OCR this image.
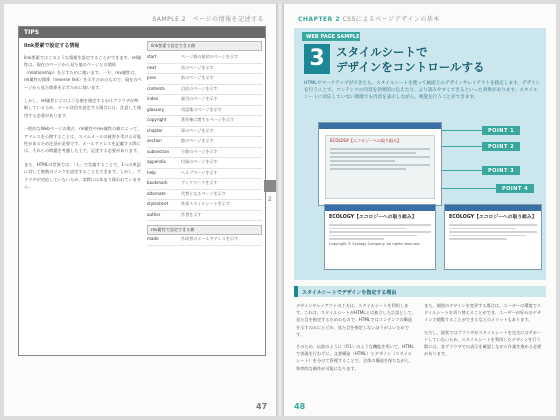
SAMPLE 2　ページの情報を記述する
TIPS
link要素で設定する情報

link要素ではこのような情報を設定することができます。rel属性は、現在のページから見た他のページとの関係（relationship）を示すために使います。一方、rev属性は、rel属性の関係（reverse link）を示すためのもので、現在のページから見た関係を示すために使います。

しかし、rel属性にどのような値を指定するかはブラウザが判断しているため、メール送信を設定する場合には、注意して使用する必要があります。

一般的なWebページの場合、rel属性やrev属性の値によって、アドレスを公開することは、スパムメールの被害を受ける可能性があるため注意が必要です。メールアドレスを記載する際には、それらの問題を考慮した上で、記述する必要があります。

また、HTMLの世界では、「人」で定義することで、1つの単語に対して複数のリンクを設定することもできます。しかし、ブラウザが対応していないため、実際にはあまり使われていません。

link要素で設定できる値
start	ページ群の最初のページを示す
next	次のページを示す
prev	前のページを示す
contents	目次のページを示す
index	索引のページを示す
glossary	用語集のページを示す
copyright	著作権に関するページを示す
chapter	章のページを示す
section	節のページを示す
subsection	小節のページを示す
appendix	付録のページを示す
help	ヘルプページを示す
bookmark	ブックマークを示す
alternate	代替となるページを示す
stylesheet	外部スタイルシートを示す
author	作者を示す
rev属性で設定できる値
made	作成者のメールアドレスを示す
47
2
CHAPTER 2 CSSによるページデザインの基本
WEB PAGE SAMPLE
3 スタイルシートで
デザインをコントロールする
HTMLでマークアップができたら、スタイルシートを使って画面上のデザインやレイアウトを指定します。デザインを行うことで、コンテンツの内容を効果的に伝えたり、より読みやすくできるといった効果があります。スタイルシートに対応していない環境でも内容を表示しながら、視覚を行うことができます。
ECOLOGY【エコロジーへの取り組み】
POINT 1
POINT 2
POINT 3
POINT 4
ECOLOGY【エコロジーへの取り組み】
Copyright © Ecology Company. All rights reserved.
ECOLOGY【エコロジーへの取り組み】
スタイルシートでデザインを指定する理由

デザインやレイアウトの工夫は、スタイルシートを利用します。これは、スタイルシートがHTMLとは独立した言語として、見た目を指定するためのもので、HTMLではコンテンツの構造を示すのみにとどめ、見た目を指定しないほうがよいためです。

そのため、以前のように（P.1）のような機能を用いて、HTMLで表現を行わずに、文書構造（HTML）とデザイン（スタイルシート）を分けて管理することで、全体の構造を保ちながら、効率的な制作が可能になります。

また、個別のデザインを変更する場合は、ユーザーの環境でスタイルシートを切り替えることができ、ユーザーが好みのデザインで閲覧することができるなどのメリットもあります。

ただし、現状ではブラウザがスタイルシートを完全にはサポートしていないため、スタイルシートを利用したデザインを行う際には、各ブラウザでの表示を確認しながら作業を進める必要があります。

48
